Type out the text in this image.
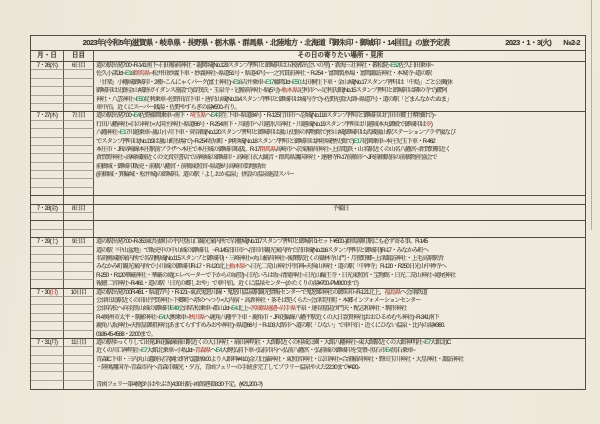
2023年(令和5年)滋賀県・岐阜県・長野県・栃木県・群馬県・北陸地方・北海道『御朱印・御城印・14回目』の旅予定表	2023・1・3(火) №2-2
月・日	日目	その日の寄りたい場所・見所
7・26(水)	6日目	道の駅出発7:00~R-141南下~臼田稲荷神社・龍岡城(No.129スタンプ押印と御城印は五稜郭出会いの里)・新海三社神社・蕃松院~E52佐久臼田乗車~
佐久小諸Jct~E18群馬県~松井田妙義下車・妙義神社~県道51号・県道47号~一之宮貫前神社・R-254・富岡製糸場・富岡諏訪神社・本城寺~道の駅
「甘楽」小幡城御城印・2種~こんにゃくパーク(富士神社)~E18吉井乗車~E17藤岡Jct~E50太田桐生下車・金山城(No.17スタンプ押印は「中島」ごと公園(休
御城印は史跡金山城跡ガイダンス施設で)曽我氏・玉泉寺・冠稲荷神社~県(5号)~栃木県足利市へ~足利氏館(No.15スタンプ押印と御城印は隣の寺で)鑁阿
神社・八雲神社~E50足利乗車~佐野田沼下車・唐沢山城(No.114スタンプ押印と御城印は城内寺で)~佐野厄除大師~県道7号・道の駅「どまんなかたぬま」
車中泊。近くにスーパー銭湯・佐野やすらぎの湯¥500.-有り。
7・27(木)	7日目	道の駅出発7:00~E4佐野藤岡乗車~南下・埼玉県へE4羽生下車~県道84号・R-125行田市へ忍城(No.118スタンプ押印と御城印は行田市郷土博物館で)~
行田八幡神社=目の神社=大国主神社~県道66号・R-254南下・川越市へ川越氷川神社・川越城(No.19スタンプ押印は川越城本丸御殿で御城印は※)
八幡神社~E17川越乗車~嵐山小川下車・菅谷館(No.120スタンプ押印と御城印は嵐山史跡の博物館で)杉山城(御城印は武蔵嵐山駅ステーションプラザ嵐なび
でスタンプ押印は(No.119は嵐山町役場で)~R-254寄居町・鉢形城(No.18スタンプ押印と御城印は鉢形城歴史館で)E17花園乗車~本庄児玉下車・R-462
本庄市・JR高崎線本庄駅前プラザへ本庄で本庄城の御城印取扱。R-17群馬県高崎市へ於菊稲荷神社~上信電鉄・山名駅近くの山名八幡宮~倉賀野駅近く
倉賀野神社~高崎城跡近くの文真堂書店で高崎城の御城印・高崎白衣大観音・群馬県護国神社・達磨寺R-17前橋市へJR前橋駅前の前橋物産協会で
前橋城・御城印販売・前橋八幡宮・前橋東照宮~県道6号高崎市街地経由
(前橋城・箕輪城・松井城)の御城印。道の駅「よしおか温泉」併設の温泉施設スパー
7・28(金)	8日目	予備日
7・29(土)	9日目	道の駅出発7:00~R-353東吾妻町の平沢登山口観光案内所で岩櫃城(No.117スタンプ押印と御城印1セット¥500.-)群馬原町駅にも必ず寄る事。R-145
道の駅「中山盆地」で販売中の中山城の御城印。~R-145沼田市へ沼田市観光案内所で沼田城(No.116スタンプ押印と御城印)R-17・みなかみ町へ
名胡桃城跡案内所で名胡桃城(No.115スタンプと御城印)・三峰神社=丸山稲荷神社~後閑駅近くの嶽林寺山門・月夜野郷~上津諏訪神社・上毛高原駅舎
みなかみ町観光案内所で小川城の御城印R-17・R-120北上栃木県へ日光二荒山神社中宮祠=天狗山神社・道の駅「中禅寺」R-120・R250日光山中禅寺へ
R-250・R120華厳神社・華厳の滝(エレベーターで下からの展望)~日光いろは坂~清滝神社~日光山輪王寺・日光東照宮・宝物館・日光二荒山神社~滝尾神社
報徳二宮神社~R-461・道の駅「日光の郷しおや」で車中泊。近くに温泉センター(かたくりの湯¥700.-PM8:00まで)
7・30(日)	10日目	道の駅出発7:00R-461・県道77号・R-121~東武鬼怒川線・鬼怒川温泉駅観光情報センターで鬼怒姫神社の御朱印~R-121北上、福島県へ会津鉄道
会津田島駅近くの田出宇賀神社~下郷町へ塔のへつり=大内宿・高倉神社・茶そば処くらた~会津美里町・本郷インフォメーションセンター
会津若松へ向羽黒山城の御城印E49会津若松乗車~郡山Jct~E4北上~宮城県通過~岩手県平泉・達谷窟毘沙門天・配志和神社・駒形神社
R-4奥州市太平・駒影神社~E4大衡乗車~秋田県へ鹿角八幡平下車・鹿角市・JR花輪線八幡平駅近くの大日霊貴神社(おおひるめむち神社)~R-341南下
鹿角八坂神社=天照皇御祖神社(あまてらすすめみおや神社)~県道66号・R-103大館市へ道の駅「ひない」で車中泊・近くにひない温泉・比内の湯¥360.
0186-45-4588・22:00まで。
7・31(月)	11日目	道の駅ゆっくりして出発JR花輪線扇田駅近くの大日神社・扇田神明社・大館駅近くの桂城公園・大館八幡神社~東大館駅近くの大館神明社~E7大館北IC
近くの川口神明社~E7大館北乗車~小坂Jct~青森県へE4大鰐弘前下車~弘前市内へ弘前八幡宮・弘前城の御城印を受領~黒石市E4黒石乗車~
青森IC下車・三内丸山遺跡見学(縄文時代遺跡9:00より入館料¥410.)金刀比羅神社・東照宮神社・広田神社=合浦稲荷神社・野田玉川神社・大星神社・諏訪神社
・陸奥護国寺~青森市内へ青森市観光・夕方、青函フェリーの手続き完了してプラリー温泉やえだ22:30まで¥420.-
青函フェリー第4便(3号はやぶさ)4:30出航~函館港着8:30予定。(¥21,200.-?)
